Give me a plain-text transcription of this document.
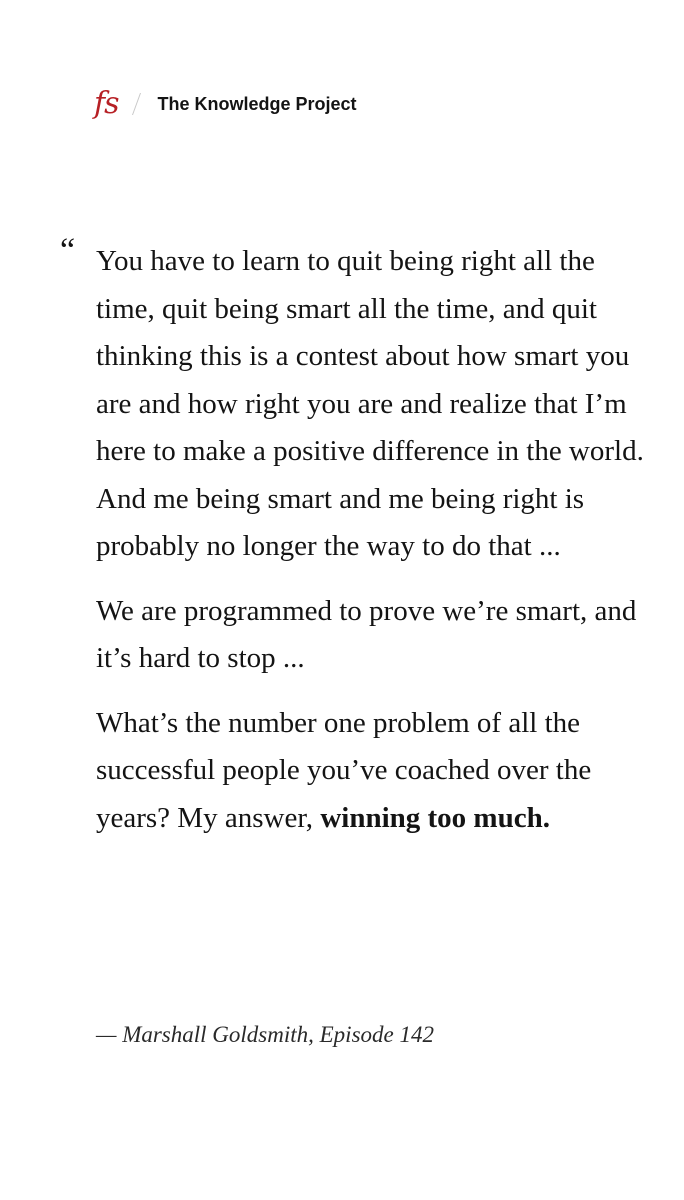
fs The Knowledge Project
“ You have to learn to quit being right all the time, quit being smart all the time, and quit thinking this is a contest about how smart you are and how right you are and realize that I’m here to make a positive difference in the world. And me being smart and me being right is probably no longer the way to do that ...

We are programmed to prove we’re smart, and it’s hard to stop ...

What’s the number one problem of all the successful people you’ve coached over the years? My answer, winning too much.

— Marshall Goldsmith, Episode 142
